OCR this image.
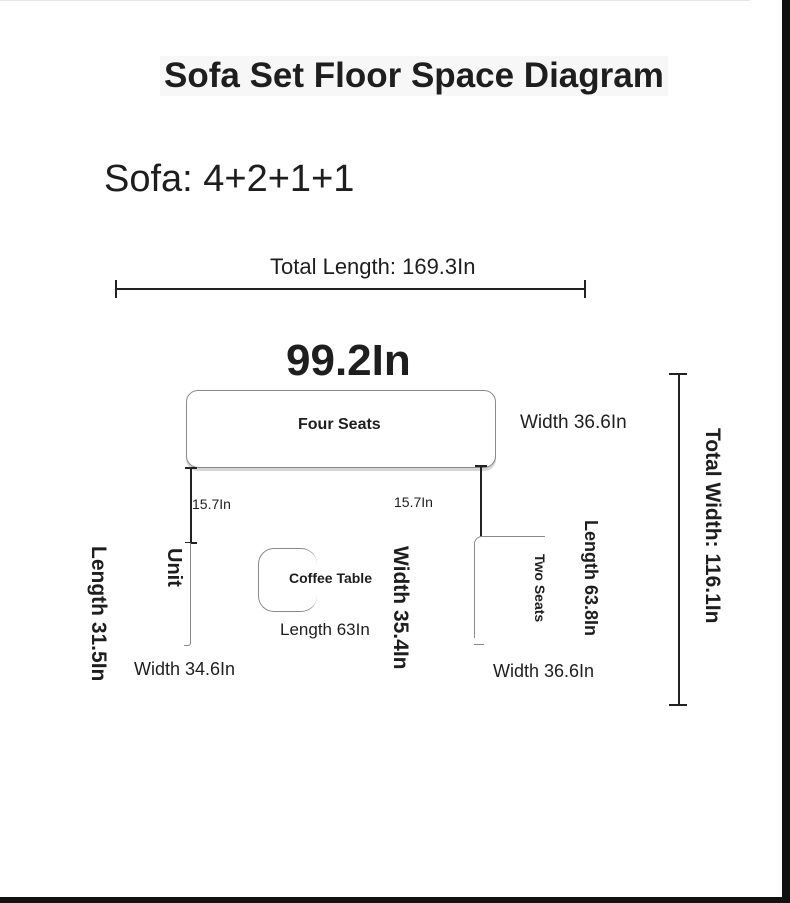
Sofa Set Floor Space Diagram
Sofa: 4+2+1+1
Total Length: 169.3In
99.2In
Four Seats	Width 36.6In
15.7In	15.7In
Unit
Length 31.5In Width 34.6In
Coffee Table
Length 63In Width 35.4In	Two Seats Length 63.8In
Width 36.6In
Total Width: 116.1In
